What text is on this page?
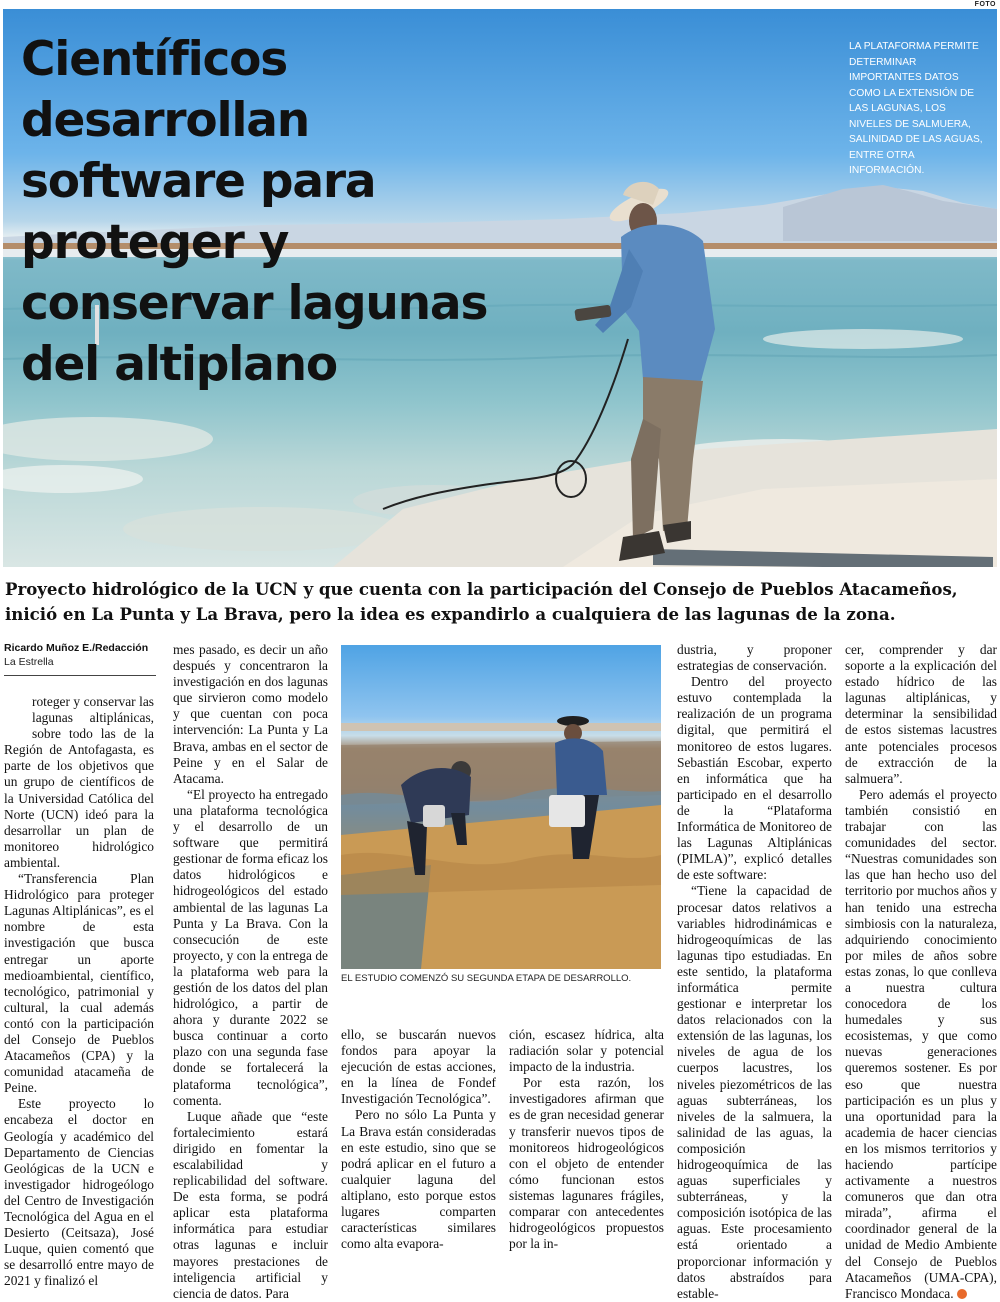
FOTO
Científicos
desarrollan
software para
proteger y
conservar lagunas
del altiplano
LA PLATAFORMA PERMITE DETERMINAR IMPORTANTES DATOS COMO LA EXTENSIÓN DE LAS LAGUNAS, LOS NIVELES DE SALMUERA, SALINIDAD DE LAS AGUAS, ENTRE OTRA INFORMACIÓN.

Proyecto hidrológico de la UCN y que cuenta con la participación del Consejo de Pueblos Atacameños, inició en La Punta y La Brava, pero la idea es expandirlo a cualquiera de las lagunas de la zona.

Ricardo Muñoz E./Redacción
La Estrella

roteger y conservar las lagunas altiplánicas, sobre todo las de la Región de Antofagasta, es parte de los objetivos que un grupo de científicos de la Universidad Católica del Norte (UCN) ideó para la desarrollar un plan de monitoreo hidrológico ambiental.

“Transferencia Plan Hidrológico para proteger Lagunas Altiplánicas”, es el nombre de esta investigación que busca entregar un aporte medioambiental, científico, tecnológico, patrimonial y cultural, la cual además contó con la participación del Consejo de Pueblos Atacameños (CPA) y la comunidad atacameña de Peine.

Este proyecto lo encabeza el doctor en Geología y académico del Departamento de Ciencias Geológicas de la UCN e investigador hidrogeólogo del Centro de Investigación Tecnológica del Agua en el Desierto (Ceitsaza), José Luque, quien comentó que se desarrolló entre mayo de 2021 y finalizó el

mes pasado, es decir un año después y concentraron la investigación en dos lagunas que sirvieron como modelo y que cuentan con poca intervención: La Punta y La Brava, ambas en el sector de Peine y en el Salar de Atacama.

“El proyecto ha entregado una plataforma tecnológica y el desarrollo de un software que permitirá gestionar de forma eficaz los datos hidrológicos e hidrogeológicos del estado ambiental de las lagunas La Punta y La Brava. Con la consecución de este proyecto, y con la entrega de la plataforma web para la gestión de los datos del plan hidrológico, a partir de ahora y durante 2022 se busca continuar a corto plazo con una segunda fase donde se fortalecerá la plataforma tecnológica”, comenta.

Luque añade que “este fortalecimiento estará dirigido en fomentar la escalabilidad y replicabilidad del software. De esta forma, se podrá aplicar esta plataforma informática para estudiar otras lagunas e incluir mayores prestaciones de inteligencia artificial y ciencia de datos. Para

EL ESTUDIO COMENZÓ SU SEGUNDA ETAPA DE DESARROLLO.

ello, se buscarán nuevos fondos para apoyar la ejecución de estas acciones, en la línea de Fondef Investigación Tecnológica”.

Pero no sólo La Punta y La Brava están consideradas en este estudio, sino que se podrá aplicar en el futuro a cualquier laguna del altiplano, esto porque estos lugares comparten características similares como alta evapora-

ción, escasez hídrica, alta radiación solar y potencial impacto de la industria.

Por esta razón, los investigadores afirman que es de gran necesidad generar y transferir nuevos tipos de monitoreos hidrogeológicos con el objeto de entender cómo funcionan estos sistemas lagunares frágiles, comparar con antecedentes hidrogeológicos propuestos por la in-

dustria, y proponer estrategias de conservación.

Dentro del proyecto estuvo contemplada la realización de un programa digital, que permitirá el monitoreo de estos lugares. Sebastián Escobar, experto en informática que ha participado en el desarrollo de la “Plataforma Informática de Monitoreo de las Lagunas Altiplánicas (PIMLA)”, explicó detalles de este software:

“Tiene la capacidad de procesar datos relativos a variables hidrodinámicas e hidrogeoquímicas de las lagunas tipo estudiadas. En este sentido, la plataforma informática permite gestionar e interpretar los datos relacionados con la extensión de las lagunas, los niveles de agua de los cuerpos lacustres, los niveles piezométricos de las aguas subterráneas, los niveles de la salmuera, la salinidad de las aguas, la composición hidrogeoquímica de las aguas superficiales y subterráneas, y la composición isotópica de las aguas. Este procesamiento está orientado a proporcionar información y datos abstraídos para estable-

cer, comprender y dar soporte a la explicación del estado hídrico de las lagunas altiplánicas, y determinar la sensibilidad de estos sistemas lacustres ante potenciales procesos de extracción de la salmuera”.

Pero además el proyecto también consistió en trabajar con las comunidades del sector. “Nuestras comunidades son las que han hecho uso del territorio por muchos años y han tenido una estrecha simbiosis con la naturaleza, adquiriendo conocimiento por miles de años sobre estas zonas, lo que conlleva a nuestra cultura conocedora de los humedales y sus ecosistemas, y que como nuevas generaciones queremos sostener. Es por eso que nuestra participación es un plus y una oportunidad para la academia de hacer ciencias en los mismos territorios y haciendo partícipe activamente a nuestros comuneros que dan otra mirada”, afirma el coordinador general de la unidad de Medio Ambiente del Consejo de Pueblos Atacameños (UMA-CPA), Francisco Mondaca.
